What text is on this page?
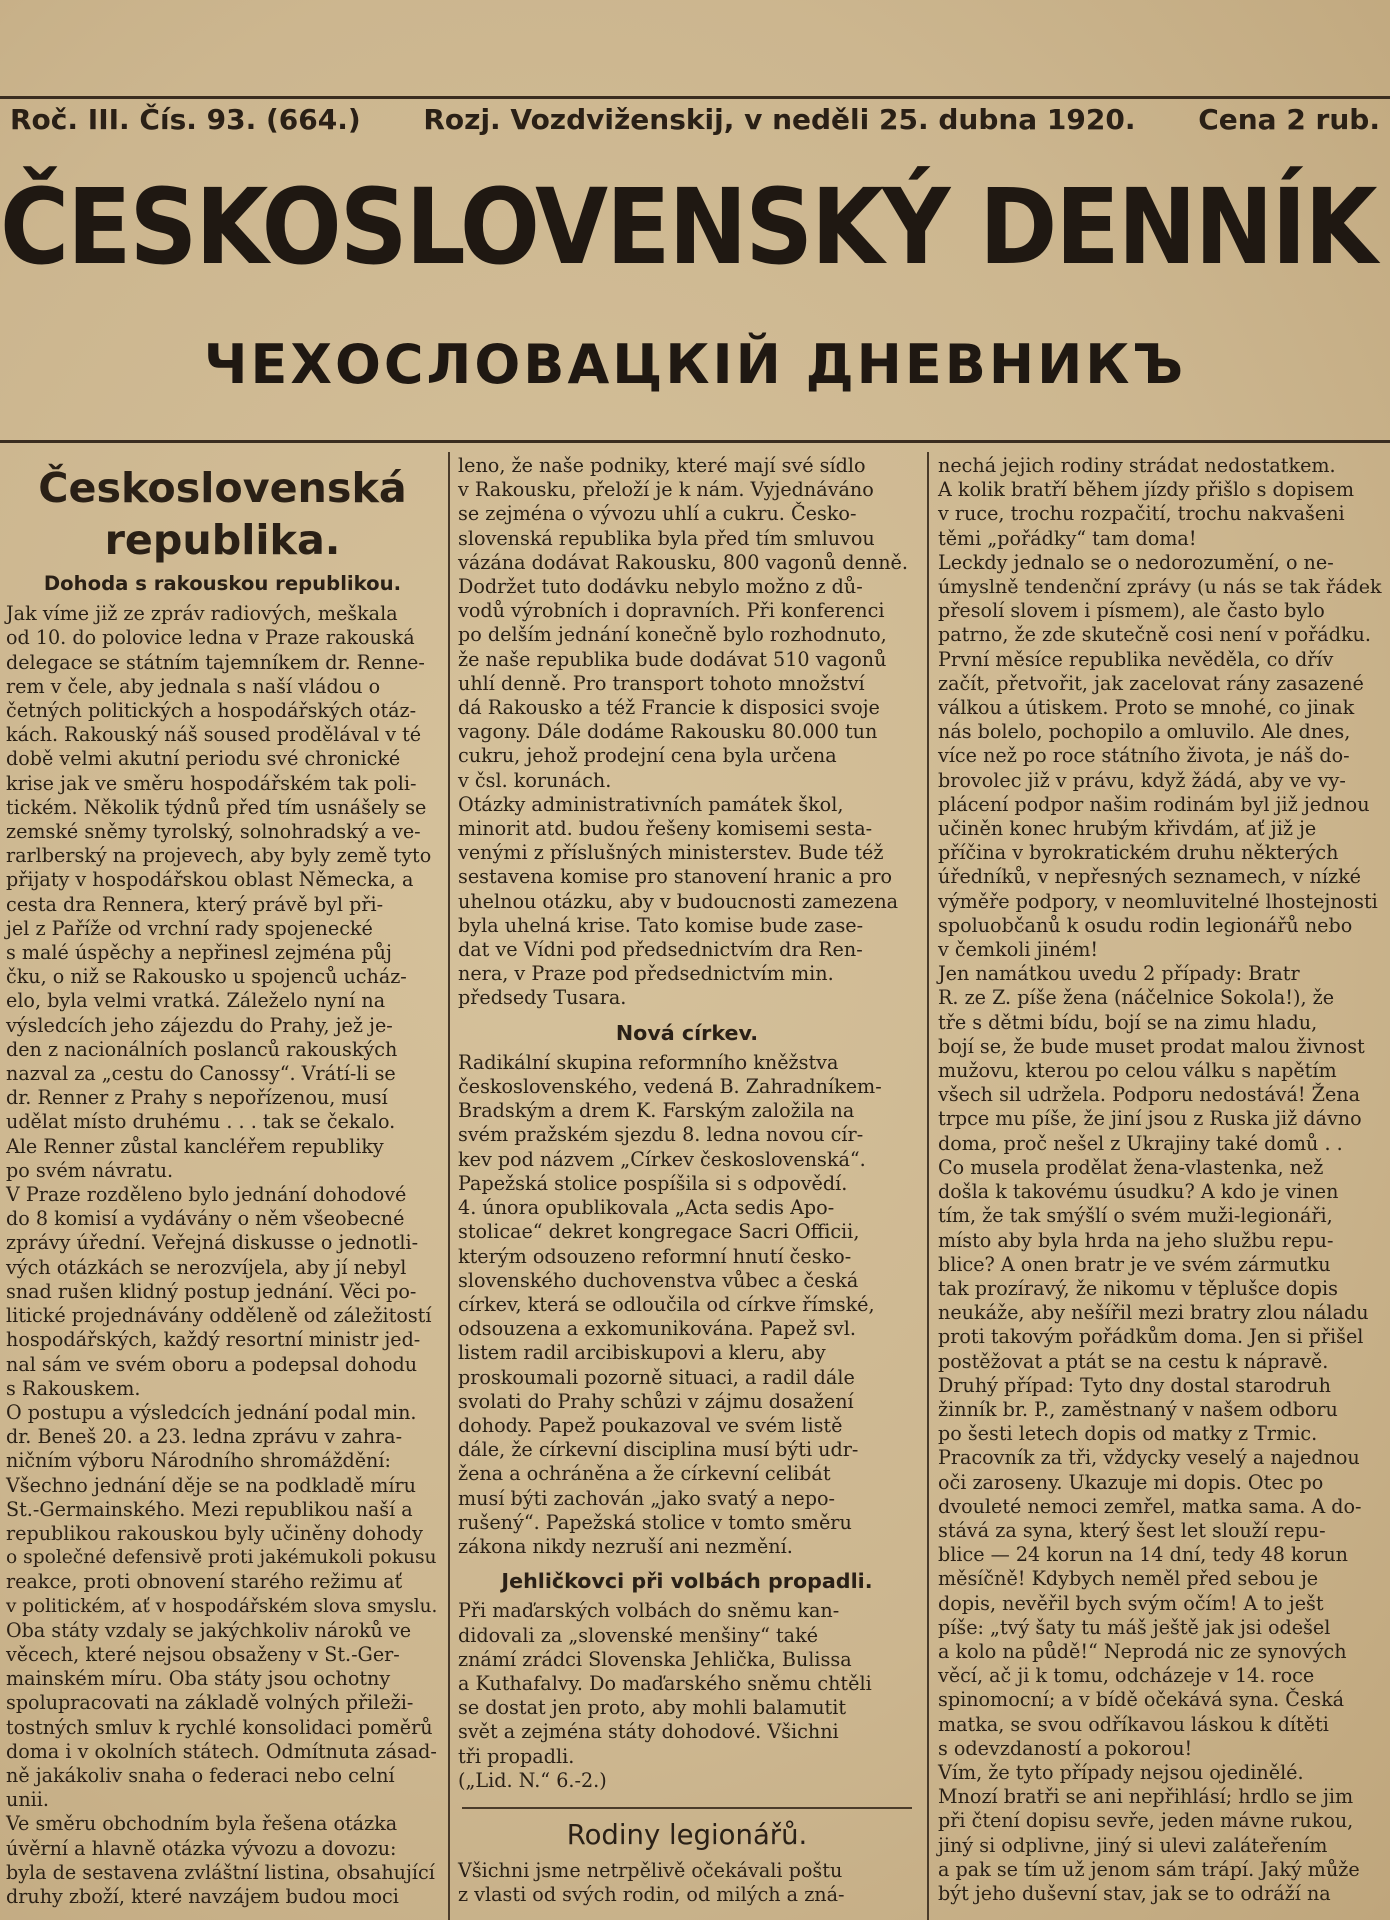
Roč. III. Čís. 93. (664.) Rozj. Vozdviženskij, v neděli 25. dubna 1920. Cena 2 rub.
ČESKOSLOVENSKÝ DENNÍK
ЧЕХОСЛОВАЦКІЙ ДНЕВНИКЪ
Československá
republika.
Dohoda s rakouskou republikou.
Jak víme již ze zpráv radiových, meškala
od 10. do polovice ledna v Praze rakouská
delegace se státním tajemníkem dr. Renne-
rem v čele, aby jednala s naší vládou o
četných politických a hospodářských otáz-
kách. Rakouský náš soused prodělával v té
době velmi akutní periodu své chronické
krise jak ve směru hospodářském tak poli-
tickém. Několik týdnů před tím usnášely se
zemské sněmy tyrolský, solnohradský a ve-
rarlberský na projevech, aby byly země tyto
přijaty v hospodářskou oblast Německa, a
cesta dra Rennera, který právě byl při-
jel z Paříže od vrchní rady spojenecké
s malé úspěchy a nepřinesl zejména půj
čku, o niž se Rakousko u spojenců ucház-
elo, byla velmi vratká. Záleželo nyní na
výsledcích jeho zájezdu do Prahy, jež je-
den z nacionálních poslanců rakouských
nazval za „cestu do Canossy“. Vrátí-li se
dr. Renner z Prahy s nepořízenou, musí
udělat místo druhému . . . tak se čekalo.
Ale Renner zůstal kancléřem republiky
po svém návratu.
V Praze rozděleno bylo jednání dohodové
do 8 komisí a vydávány o něm všeobecné
zprávy úřední. Veřejná diskusse o jednotli-
vých otázkách se nerozvíjela, aby jí nebyl
snad rušen klidný postup jednání. Věci po-
litické projednávány odděleně od záležitostí
hospodářských, každý resortní ministr jed-
nal sám ve svém oboru a podepsal dohodu
s Rakouskem.
O postupu a výsledcích jednání podal min.
dr. Beneš 20. a 23. ledna zprávu v zahra-
ničním výboru Národního shromáždění:
Všechno jednání děje se na podkladě míru
St.-Germainského. Mezi republikou naší a
republikou rakouskou byly učiněny dohody
o společné defensivě proti jakémukoli pokusu
reakce, proti obnovení starého režimu ať
v politickém, ať v hospodářském slova smyslu.
Oba státy vzdaly se jakýchkoliv nároků ve
věcech, které nejsou obsaženy v St.-Ger-
mainském míru. Oba státy jsou ochotny
spolupracovati na základě volných přileži-
tostných smluv k rychlé konsolidaci poměrů
doma i v okolních státech. Odmítnuta zásad-
ně jakákoliv snaha o federaci nebo celní
unii.
Ve směru obchodním byla řešena otázka
úvěrní a hlavně otázka vývozu a dovozu:
byla de sestavena zvláštní listina, obsahující
druhy zboží, které navzájem budou moci
leno, že naše podniky, které mají své sídlo
v Rakousku, přeloží je k nám. Vyjednáváno
se zejména o vývozu uhlí a cukru. Česko-
slovenská republika byla před tím smluvou
vázána dodávat Rakousku, 800 vagonů denně.
Dodržet tuto dodávku nebylo možno z dů-
vodů výrobních i dopravních. Při konferenci
po delším jednání konečně bylo rozhodnuto,
že naše republika bude dodávat 510 vagonů
uhlí denně. Pro transport tohoto množství
dá Rakousko a též Francie k disposici svoje
vagony. Dále dodáme Rakousku 80.000 tun
cukru, jehož prodejní cena byla určena
v čsl. korunách.
Otázky administrativních památek škol,
minorit atd. budou řešeny komisemi sesta-
venými z příslušných ministerstev. Bude též
sestavena komise pro stanovení hranic a pro
uhelnou otázku, aby v budoucnosti zamezena
byla uhelná krise. Tato komise bude zase-
dat ve Vídni pod předsednictvím dra Ren-
nera, v Praze pod předsednictvím min.
předsedy Tusara.
Nová církev.
Radikální skupina reformního kněžstva
československého, vedená B. Zahradníkem-
Bradským a drem K. Farským založila na
svém pražském sjezdu 8. ledna novou cír-
kev pod názvem „Církev československá“.
Papežská stolice pospíšila si s odpovědí.
4. února opublikovala „Acta sedis Apo-
stolicae“ dekret kongregace Sacri Officii,
kterým odsouzeno reformní hnutí česko-
slovenského duchovenstva vůbec a česká
církev, která se odloučila od církve římské,
odsouzena a exkomunikována. Papež svl.
listem radil arcibiskupovi a kleru, aby
proskoumali pozorně situaci, a radil dále
svolati do Prahy schůzi v zájmu dosažení
dohody. Papež poukazoval ve svém listě
dále, že církevní disciplina musí býti udr-
žena a ochráněna a že církevní celibát
musí býti zachován „jako svatý a nepo-
rušený“. Papežská stolice v tomto směru
zákona nikdy nezruší ani nezmění.
Jehličkovci při volbách propadli.
Při maďarských volbách do sněmu kan-
didovali za „slovenské menšiny“ také
známí zrádci Slovenska Jehlička, Bulissa
a Kuthafalvy. Do maďarského sněmu chtěli
se dostat jen proto, aby mohli balamutit
svět a zejména státy dohodové. Všichni
tři propadli.
(„Lid. N.“ 6.-2.)
Rodiny legionářů.
Všichni jsme netrpělivě očekávali poštu
z vlasti od svých rodin, od milých a zná-
nechá jejich rodiny strádat nedostatkem.
A kolik bratří během jízdy přišlo s dopisem
v ruce, trochu rozpačití, trochu nakvašeni
těmi „pořádky“ tam doma!
Leckdy jednalo se o nedorozumění, o ne-
úmyslně tendenční zprávy (u nás se tak řádek
přesolí slovem i písmem), ale často bylo
patrno, že zde skutečně cosi není v pořádku.
První měsíce republika nevěděla, co dřív
začít, přetvořit, jak zacelovat rány zasazené
válkou a útiskem. Proto se mnohé, co jinak
nás bolelo, pochopilo a omluvilo. Ale dnes,
více než po roce státního života, je náš do-
brovolec již v právu, když žádá, aby ve vy-
plácení podpor našim rodinám byl již jednou
učiněn konec hrubým křivdám, ať již je
příčina v byrokratickém druhu některých
úředníků, v nepřesných seznamech, v nízké
výměře podpory, v neomluvitelné lhostejnosti
spoluobčanů k osudu rodin legionářů nebo
v čemkoli jiném!
Jen namátkou uvedu 2 případy: Bratr
R. ze Z. píše žena (náčelnice Sokola!), že
tře s dětmi bídu, bojí se na zimu hladu,
bojí se, že bude muset prodat malou živnost
mužovu, kterou po celou válku s napětím
všech sil udržela. Podporu nedostává! Žena
trpce mu píše, že jiní jsou z Ruska již dávno
doma, proč nešel z Ukrajiny také domů . .
Co musela prodělat žena-vlastenka, než
došla k takovému úsudku? A kdo je vinen
tím, že tak smýšlí o svém muži-legionáři,
místo aby byla hrda na jeho službu repu-
blice? A onen bratr je ve svém zármutku
tak prozíravý, že nikomu v těplušce dopis
neukáže, aby nešířil mezi bratry zlou náladu
proti takovým pořádkům doma. Jen si přišel
postěžovat a ptát se na cestu k nápravě.
Druhý případ: Tyto dny dostal starodruh
žinník br. P., zaměstnaný v našem odboru
po šesti letech dopis od matky z Trmic.
Pracovník za tři, vždycky veselý a najednou
oči zaroseny. Ukazuje mi dopis. Otec po
dvouleté nemoci zemřel, matka sama. A do-
stává za syna, který šest let slouží repu-
blice — 24 korun na 14 dní, tedy 48 korun
měsíčně! Kdybych neměl před sebou je
dopis, nevěřil bych svým očím! A to ješt
píše: „tvý šaty tu máš ještě jak jsi odešel
a kolo na půdě!“ Neprodá nic ze synových
věcí, ač ji k tomu, odcházeje v 14. roce
spinomocní; a v bídě očekává syna. Česká
matka, se svou odříkavou láskou k dítěti
s odevzdaností a pokorou!
Vím, že tyto případy nejsou ojedinělé.
Mnozí bratři se ani nepřihlásí; hrdlo se jim
při čtení dopisu sevře, jeden mávne rukou,
jiný si odplivne, jiný si ulevi zaláteřením
a pak se tím už jenom sám trápí. Jaký může
být jeho duševní stav, jak se to odráží na
